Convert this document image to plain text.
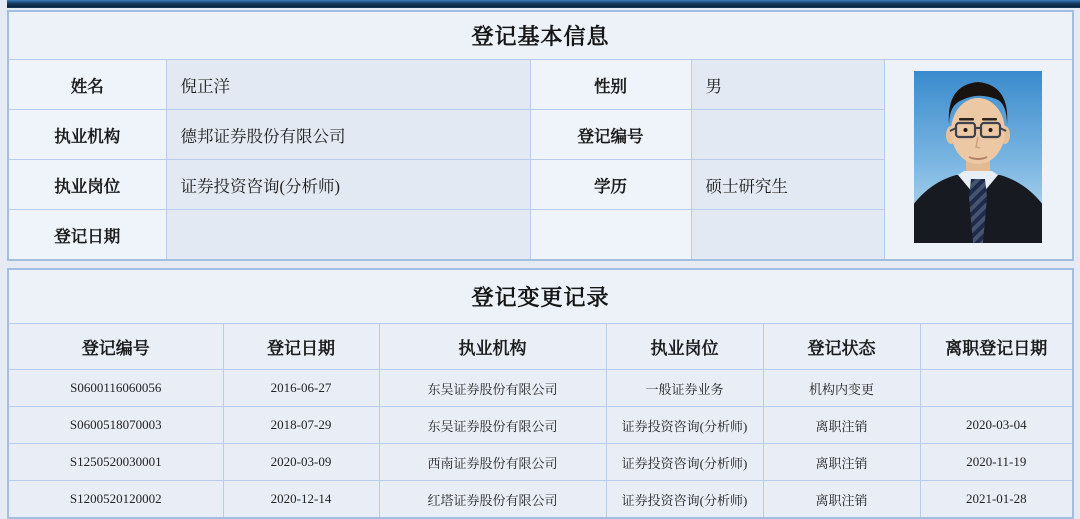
登记基本信息				
姓名	倪正洋	性别	男	
执业机构	德邦证券股份有限公司	登记编号		
执业岗位	证券投资咨询(分析师)	学历	硕士研究生	
登记日期				
登记变更记录					
登记编号	登记日期	执业机构	执业岗位	登记状态	离职登记日期
S0600116060056	2016-06-27	东吴证券股份有限公司	一般证券业务	机构内变更	
S0600518070003	2018-07-29	东吴证券股份有限公司	证券投资咨询(分析师)	离职注销	2020-03-04
S1250520030001	2020-03-09	西南证券股份有限公司	证券投资咨询(分析师)	离职注销	2020-11-19
S1200520120002	2020-12-14	红塔证券股份有限公司	证券投资咨询(分析师)	离职注销	2021-01-28
